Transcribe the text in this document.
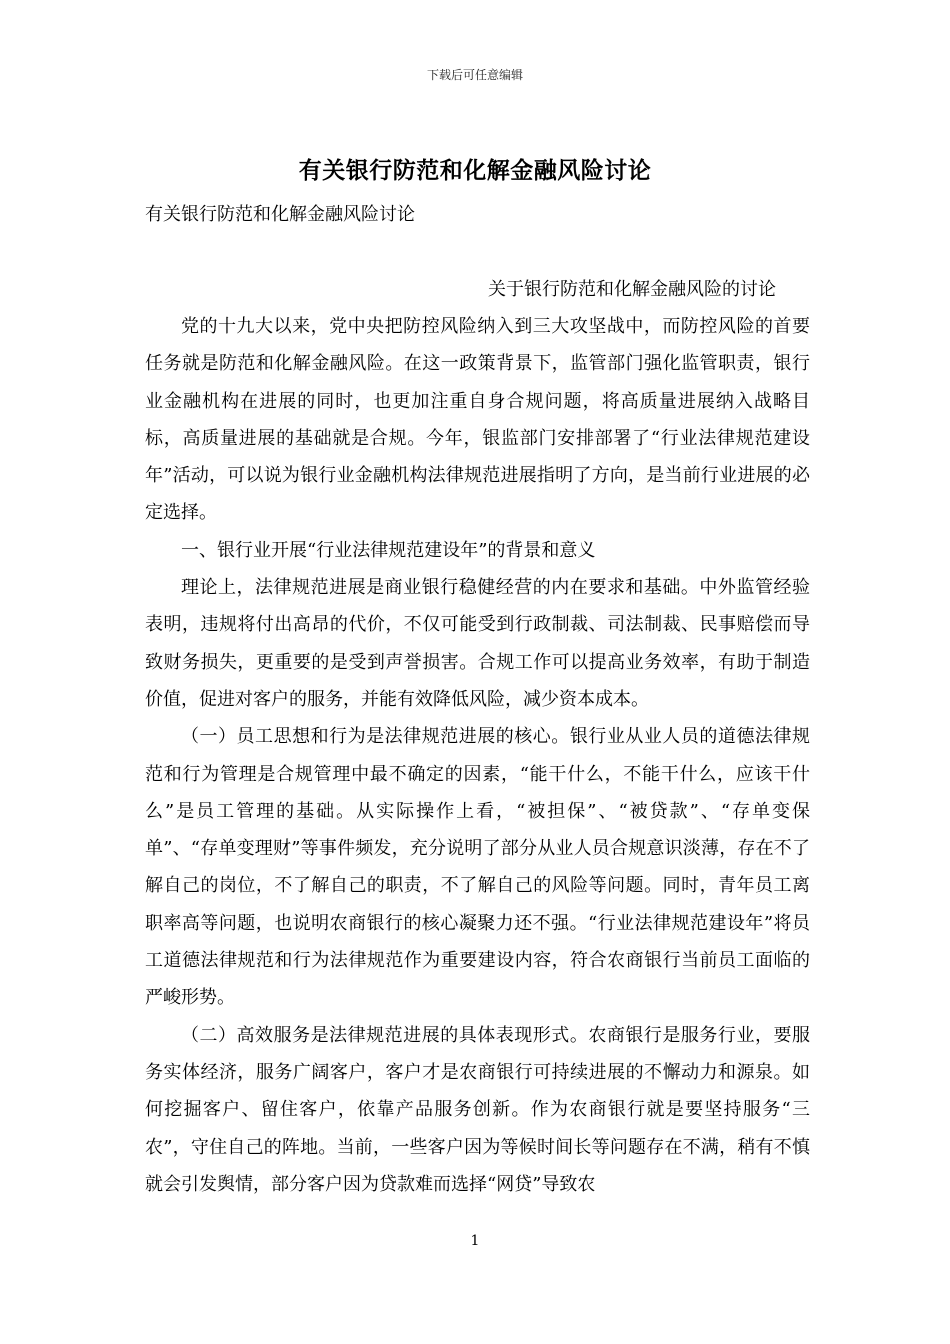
下载后可任意编辑
有关银行防范和化解金融风险讨论
有关银行防范和化解金融风险讨论
关于银行防范和化解金融风险的讨论

党的十九大以来，党中央把防控风险纳入到三大攻坚战中，而防控风险的首要任务就是防范和化解金融风险。在这一政策背景下，监管部门强化监管职责，银行业金融机构在进展的同时，也更加注重自身合规问题，将高质量进展纳入战略目标，高质量进展的基础就是合规。今年，银监部门安排部署了“行业法律规范建设年”活动，可以说为银行业金融机构法律规范进展指明了方向，是当前行业进展的必定选择。

一、银行业开展“行业法律规范建设年”的背景和意义

理论上，法律规范进展是商业银行稳健经营的内在要求和基础。中外监管经验表明，违规将付出高昂的代价，不仅可能受到行政制裁、司法制裁、民事赔偿而导致财务损失，更重要的是受到声誉损害。合规工作可以提高业务效率，有助于制造价值，促进对客户的服务，并能有效降低风险，减少资本成本。

（一）员工思想和行为是法律规范进展的核心。银行业从业人员的道德法律规范和行为管理是合规管理中最不确定的因素，“能干什么，不能干什么，应该干什么”是员工管理的基础。从实际操作上看，“被担保”、“被贷款”、“存单变保单”、“存单变理财”等事件频发，充分说明了部分从业人员合规意识淡薄，存在不了解自己的岗位，不了解自己的职责，不了解自己的风险等问题。同时，青年员工离职率高等问题，也说明农商银行的核心凝聚力还不强。“行业法律规范建设年”将员工道德法律规范和行为法律规范作为重要建设内容，符合农商银行当前员工面临的严峻形势。

（二）高效服务是法律规范进展的具体表现形式。农商银行是服务行业，要服务实体经济，服务广阔客户，客户才是农商银行可持续进展的不懈动力和源泉。如何挖掘客户、留住客户，依靠产品服务创新。作为农商银行就是要坚持服务“三农”，守住自己的阵地。当前，一些客户因为等候时间长等问题存在不满，稍有不慎就会引发舆情，部分客户因为贷款难而选择“网贷”导致农

1
